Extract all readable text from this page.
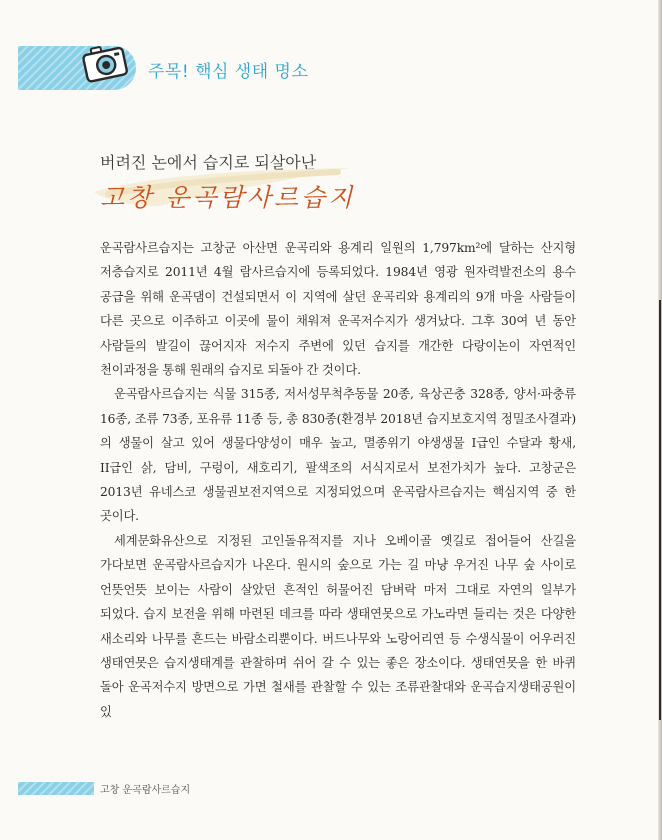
주목! 핵심 생태 명소
버려진 논에서 습지로 되살아난
고창 운곡람사르습지

운곡람사르습지는 고창군 아산면 운곡리와 용계리 일원의 1,797km²에 달하는 산지형 저층습지로 2011년 4월 람사르습지에 등록되었다. 1984년 영광 원자력발전소의 용수 공급을 위해 운곡댐이 건설되면서 이 지역에 살던 운곡리와 용계리의 9개 마을 사람들이 다른 곳으로 이주하고 이곳에 물이 채워져 운곡저수지가 생겨났다. 그후 30여 년 동안 사람들의 발길이 끊어지자 저수지 주변에 있던 습지를 개간한 다랑이논이 자연적인 천이과정을 통해 원래의 습지로 되돌아 간 것이다.

운곡람사르습지는 식물 315종, 저서성무척추동물 20종, 육상곤충 328종, 양서·파충류 16종, 조류 73종, 포유류 11종 등, 총 830종(환경부 2018년 습지보호지역 정밀조사결과)의 생물이 살고 있어 생물다양성이 매우 높고, 멸종위기 야생생물 I급인 수달과 황새, II급인 삵, 담비, 구렁이, 새호리기, 팔색조의 서식지로서 보전가치가 높다. 고창군은 2013년 유네스코 생물권보전지역으로 지정되었으며 운곡람사르습지는 핵심지역 중 한 곳이다.

세계문화유산으로 지정된 고인돌유적지를 지나 오베이골 옛길로 접어들어 산길을 가다보면 운곡람사르습지가 나온다. 원시의 숲으로 가는 길 마냥 우거진 나무 숲 사이로 언뜻언뜻 보이는 사람이 살았던 흔적인 허물어진 담벼락 마저 그대로 자연의 일부가 되었다. 습지 보전을 위해 마련된 데크를 따라 생태연못으로 가노라면 들리는 것은 다양한 새소리와 나무를 흔드는 바람소리뿐이다. 버드나무와 노랑어리연 등 수생식물이 어우러진 생태연못은 습지생태계를 관찰하며 쉬어 갈 수 있는 좋은 장소이다. 생태연못을 한 바퀴 돌아 운곡저수지 방면으로 가면 철새를 관찰할 수 있는 조류관찰대와 운곡습지생태공원이 있

고창 운곡람사르습지
